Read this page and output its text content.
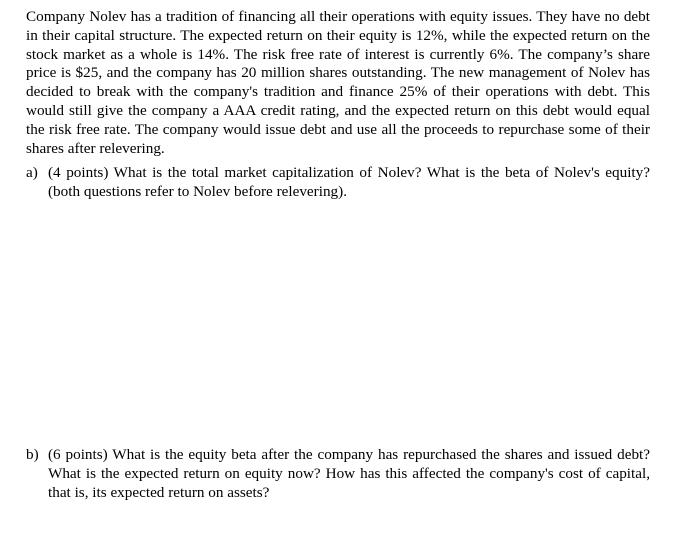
Company Nolev has a tradition of financing all their operations with equity issues. They have no debt in their capital structure. The expected return on their equity is 12%, while the expected return on the stock market as a whole is 14%. The risk free rate of interest is currently 6%. The company’s share price is $25, and the company has 20 million shares outstanding. The new management of Nolev has decided to break with the company's tradition and finance 25% of their operations with debt. This would still give the company a AAA credit rating, and the expected return on this debt would equal the risk free rate. The company would issue debt and use all the proceeds to repurchase some of their shares after relevering.

a) (4 points) What is the total market capitalization of Nolev? What is the beta of Nolev's equity? (both questions refer to Nolev before relevering).
b) (6 points) What is the equity beta after the company has repurchased the shares and issued debt? What is the expected return on equity now? How has this affected the company's cost of capital, that is, its expected return on assets?
